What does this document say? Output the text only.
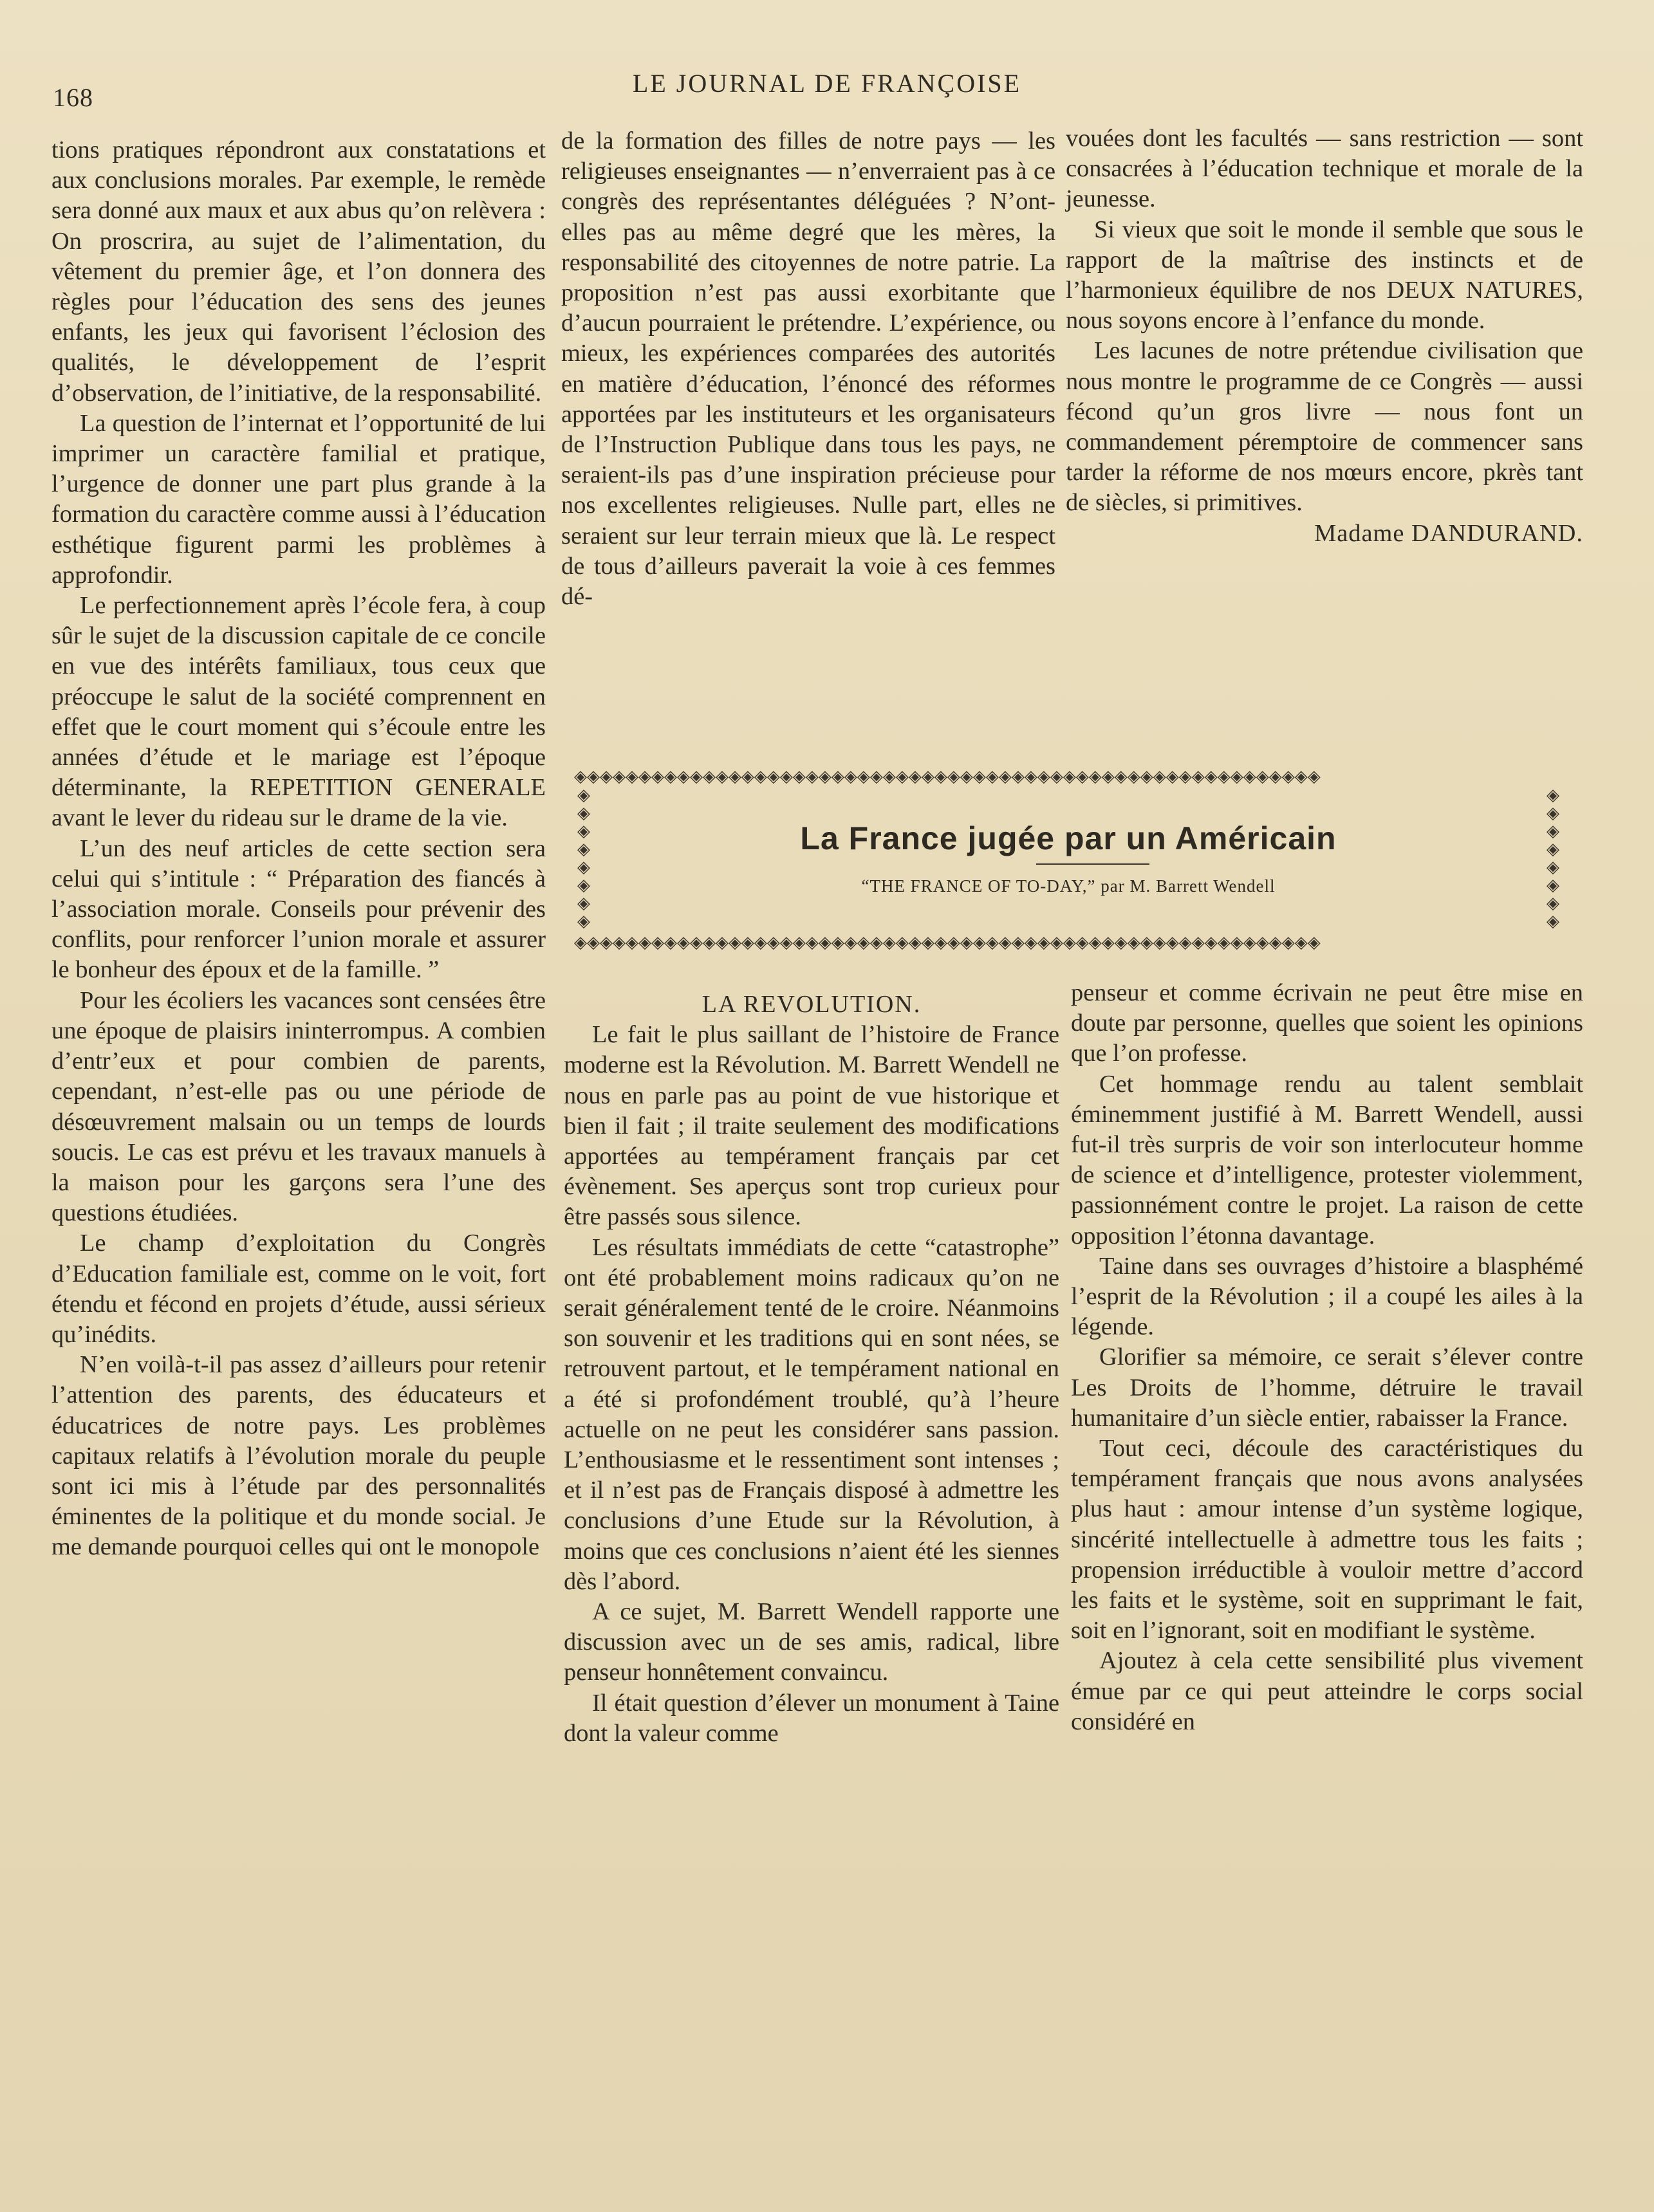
168	LE JOURNAL DE FRANÇOISE

tions pratiques répondront aux constatations et aux conclusions morales. Par exemple, le remède sera donné aux maux et aux abus qu’on relèvera : On proscrira, au sujet de l’alimentation, du vêtement du premier âge, et l’on donnera des règles pour l’éducation des sens des jeunes enfants, les jeux qui favorisent l’éclosion des qualités, le développement de l’esprit d’observation, de l’initiative, de la responsabilité.

La question de l’internat et l’opportunité de lui imprimer un caractère familial et pratique, l’urgence de donner une part plus grande à la formation du caractère comme aussi à l’éducation esthétique figurent parmi les problèmes à approfondir.

Le perfectionnement après l’école fera, à coup sûr le sujet de la discussion capitale de ce concile en vue des intérêts familiaux, tous ceux que préoccupe le salut de la société comprennent en effet que le court moment qui s’écoule entre les années d’étude et le mariage est l’époque déterminante, la REPETITION GENERALE avant le lever du rideau sur le drame de la vie.

L’un des neuf articles de cette section sera celui qui s’intitule : “ Préparation des fiancés à l’association morale. Conseils pour prévenir des conflits, pour renforcer l’union morale et assurer le bonheur des époux et de la famille. ”

Pour les écoliers les vacances sont censées être une époque de plaisirs ininterrompus. A combien d’entr’eux et pour combien de parents, cependant, n’est-elle pas ou une période de désœuvrement malsain ou un temps de lourds soucis. Le cas est prévu et les travaux manuels à la maison pour les garçons sera l’une des questions étudiées.

Le champ d’exploitation du Congrès d’Education familiale est, comme on le voit, fort étendu et fécond en projets d’étude, aussi sérieux qu’inédits.

N’en voilà-t-il pas assez d’ailleurs pour retenir l’attention des parents, des éducateurs et éducatrices de notre pays. Les problèmes capitaux relatifs à l’évolution morale du peuple sont ici mis à l’étude par des personnalités éminentes de la politique et du monde social. Je me demande pourquoi celles qui ont le monopole

de la formation des filles de notre pays — les religieuses enseignantes — n’enverraient pas à ce congrès des représentantes déléguées ? N’ont-elles pas au même degré que les mères, la responsabilité des citoyennes de notre patrie. La proposition n’est pas aussi exorbitante que d’aucun pourraient le prétendre. L’expérience, ou mieux, les expériences comparées des autorités en matière d’éducation, l’énoncé des réformes apportées par les instituteurs et les organisateurs de l’Instruction Publique dans tous les pays, ne seraient-ils pas d’une inspiration précieuse pour nos excellentes religieuses. Nulle part, elles ne seraient sur leur terrain mieux que là. Le respect de tous d’ailleurs paverait la voie à ces femmes dé-

vouées dont les facultés — sans restriction — sont consacrées à l’éducation technique et morale de la jeunesse.

Si vieux que soit le monde il semble que sous le rapport de la maîtrise des instincts et de l’harmonieux équilibre de nos DEUX NATURES, nous soyons encore à l’enfance du monde.

Les lacunes de notre prétendue civilisation que nous montre le programme de ce Congrès — aussi fécond qu’un gros livre — nous font un commandement péremptoire de commencer sans tarder la réforme de nos mœurs encore, pkrès tant de siècles, si primitives.

Madame DANDURAND.

◈◈◈◈◈◈◈◈◈◈◈◈◈◈◈◈◈◈◈◈◈◈◈◈◈◈◈◈◈◈◈◈◈◈◈◈◈◈◈◈◈◈◈◈◈◈◈◈◈◈◈◈◈◈◈◈◈◈
◈◈◈◈◈◈◈◈
◈◈◈◈◈◈◈◈
La France jugée par un Américain
“THE FRANCE OF TO-DAY,” par M. Barrett Wendell
◈◈◈◈◈◈◈◈◈◈◈◈◈◈◈◈◈◈◈◈◈◈◈◈◈◈◈◈◈◈◈◈◈◈◈◈◈◈◈◈◈◈◈◈◈◈◈◈◈◈◈◈◈◈◈◈◈◈

LA REVOLUTION.

Le fait le plus saillant de l’histoire de France moderne est la Révolution. M. Barrett Wendell ne nous en parle pas au point de vue historique et bien il fait ; il traite seulement des modifications apportées au tempérament français par cet évènement. Ses aperçus sont trop curieux pour être passés sous silence.

Les résultats immédiats de cette “catastrophe” ont été probablement moins radicaux qu’on ne serait généralement tenté de le croire. Néanmoins son souvenir et les traditions qui en sont nées, se retrouvent partout, et le tempérament national en a été si profondément troublé, qu’à l’heure actuelle on ne peut les considérer sans passion. L’enthousiasme et le ressentiment sont intenses ; et il n’est pas de Français disposé à admettre les conclusions d’une Etude sur la Révolution, à moins que ces conclusions n’aient été les siennes dès l’abord.

A ce sujet, M. Barrett Wendell rapporte une discussion avec un de ses amis, radical, libre penseur honnêtement convaincu.

Il était question d’élever un monument à Taine dont la valeur comme

penseur et comme écrivain ne peut être mise en doute par personne, quelles que soient les opinions que l’on professe.

Cet hommage rendu au talent semblait éminemment justifié à M. Barrett Wendell, aussi fut-il très surpris de voir son interlocuteur homme de science et d’intelligence, protester violemment, passionnément contre le projet. La raison de cette opposition l’étonna davantage.

Taine dans ses ouvrages d’histoire a blasphémé l’esprit de la Révolution ; il a coupé les ailes à la légende.

Glorifier sa mémoire, ce serait s’élever contre Les Droits de l’homme, détruire le travail humanitaire d’un siècle entier, rabaisser la France.

Tout ceci, découle des caractéristiques du tempérament français que nous avons analysées plus haut : amour intense d’un système logique, sincérité intellectuelle à admettre tous les faits ; propension irréductible à vouloir mettre d’accord les faits et le système, soit en supprimant le fait, soit en l’ignorant, soit en modifiant le système.

Ajoutez à cela cette sensibilité plus vivement émue par ce qui peut atteindre le corps social considéré en
